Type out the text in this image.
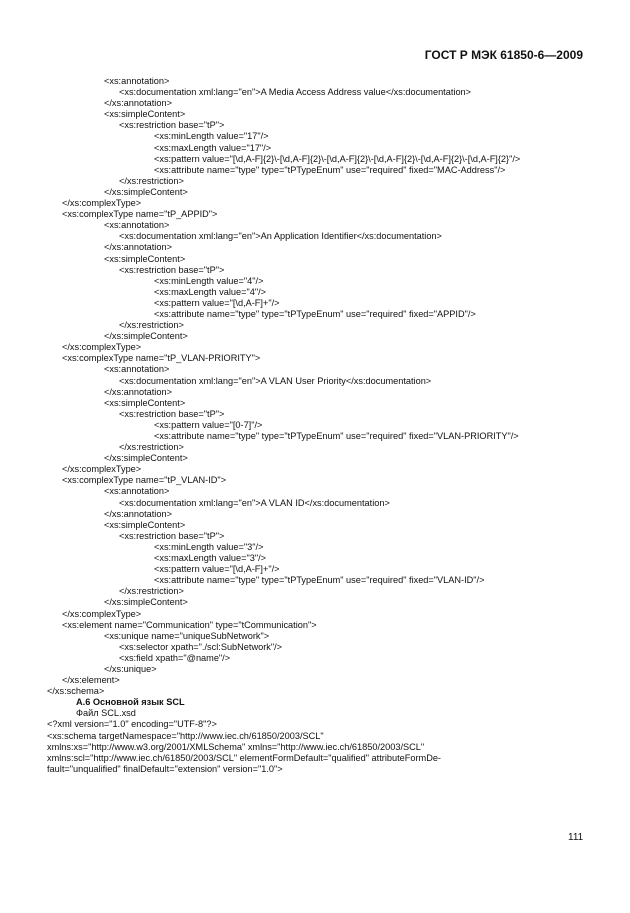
ГОСТ Р МЭК 61850-6—2009
<xs:annotation>
<xs:documentation xml:lang="en">A Media Access Address value</xs:documentation>
</xs:annotation>
<xs:simpleContent>
<xs:restriction base="tP">
<xs:minLength value="17"/>
<xs:maxLength value="17"/>
<xs:pattern value="[\d,A-F]{2}\-[\d,A-F]{2}\-[\d,A-F]{2}\-[\d,A-F]{2}\-[\d,A-F]{2}\-[\d,A-F]{2}"/>
<xs:attribute name="type" type="tPTypeEnum" use="required" fixed="MAC-Address"/>
</xs:restriction>
</xs:simpleContent>
</xs:complexType>
<xs:complexType name="tP_APPID">
<xs:annotation>
<xs:documentation xml:lang="en">An Application Identifier</xs:documentation>
</xs:annotation>
<xs:simpleContent>
<xs:restriction base="tP">
<xs:minLength value="4"/>
<xs:maxLength value="4"/>
<xs:pattern value="[\d,A-F]+"/>
<xs:attribute name="type" type="tPTypeEnum" use="required" fixed="APPID"/>
</xs:restriction>
</xs:simpleContent>
</xs:complexType>
<xs:complexType name="tP_VLAN-PRIORITY">
<xs:annotation>
<xs:documentation xml:lang="en">A VLAN User Priority</xs:documentation>
</xs:annotation>
<xs:simpleContent>
<xs:restriction base="tP">
<xs:pattern value="[0-7]"/>
<xs:attribute name="type" type="tPTypeEnum" use="required" fixed="VLAN-PRIORITY"/>
</xs:restriction>
</xs:simpleContent>
</xs:complexType>
<xs:complexType name="tP_VLAN-ID">
<xs:annotation>
<xs:documentation xml:lang="en">A VLAN ID</xs:documentation>
</xs:annotation>
<xs:simpleContent>
<xs:restriction base="tP">
<xs:minLength value="3"/>
<xs:maxLength value="3"/>
<xs:pattern value="[\d,A-F]+"/>
<xs:attribute name="type" type="tPTypeEnum" use="required" fixed="VLAN-ID"/>
</xs:restriction>
</xs:simpleContent>
</xs:complexType>
<xs:element name="Communication" type="tCommunication">
<xs:unique name="uniqueSubNetwork">
<xs:selector xpath="./scl:SubNetwork"/>
<xs:field xpath="@name"/>
</xs:unique>
</xs:element>
</xs:schema>
А.6 Основной язык SCL
Файл SCL.xsd
<?xml version="1.0" encoding="UTF-8"?>
<xs:schema targetNamespace="http://www.iec.ch/61850/2003/SCL"
xmlns:xs="http://www.w3.org/2001/XMLSchema" xmlns="http://www.iec.ch/61850/2003/SCL"
xmlns:scl="http://www.iec.ch/61850/2003/SCL" elementFormDefault="qualified" attributeFormDe-
fault="unqualified" finalDefault="extension" version="1.0">
111
